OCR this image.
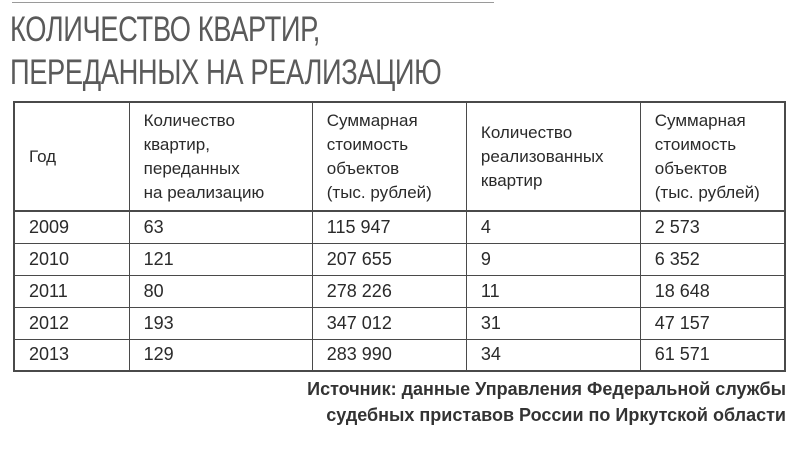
КОЛИЧЕСТВО КВАРТИР,
ПЕРЕДАННЫХ НА РЕАЛИЗАЦИЮ
Год	Количество
квартир,
переданных
на реализацию	Суммарная
стоимость
объектов
(тыс. рублей)	Количество
реализованных
квартир	Суммарная
стоимость
объектов
(тыс. рублей)
2009	63	115 947	4	2 573
2010	121	207 655	9	6 352
2011	80	278 226	11	18 648
2012	193	347 012	31	47 157
2013	129	283 990	34	61 571
Источник: данные Управления Федеральной службы
судебных приставов России по Иркутской области
